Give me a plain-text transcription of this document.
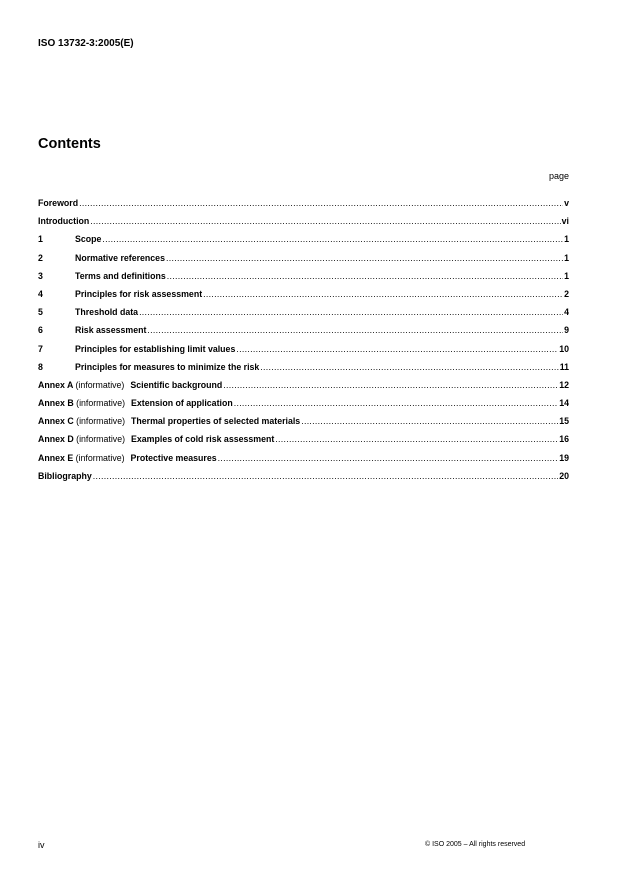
ISO 13732-3:2005(E)
Contents
page
Foreword .....	v
Introduction .....	vi
1	Scope .....	1
2	Normative references .....	1
3	Terms and definitions .....	1
4	Principles for risk assessment .....	2
5	Threshold data .....	4
6	Risk assessment .....	9
7	Principles for establishing limit values .....	10
8	Principles for measures to minimize the risk .....	11
Annex A (informative) Scientific background .....	12
Annex B (informative) Extension of application .....	14
Annex C (informative) Thermal properties of selected materials .....	15
Annex D (informative) Examples of cold risk assessment .....	16
Annex E (informative) Protective measures .....	19
Bibliography .....	20
iv	© ISO 2005 – All rights reserved
